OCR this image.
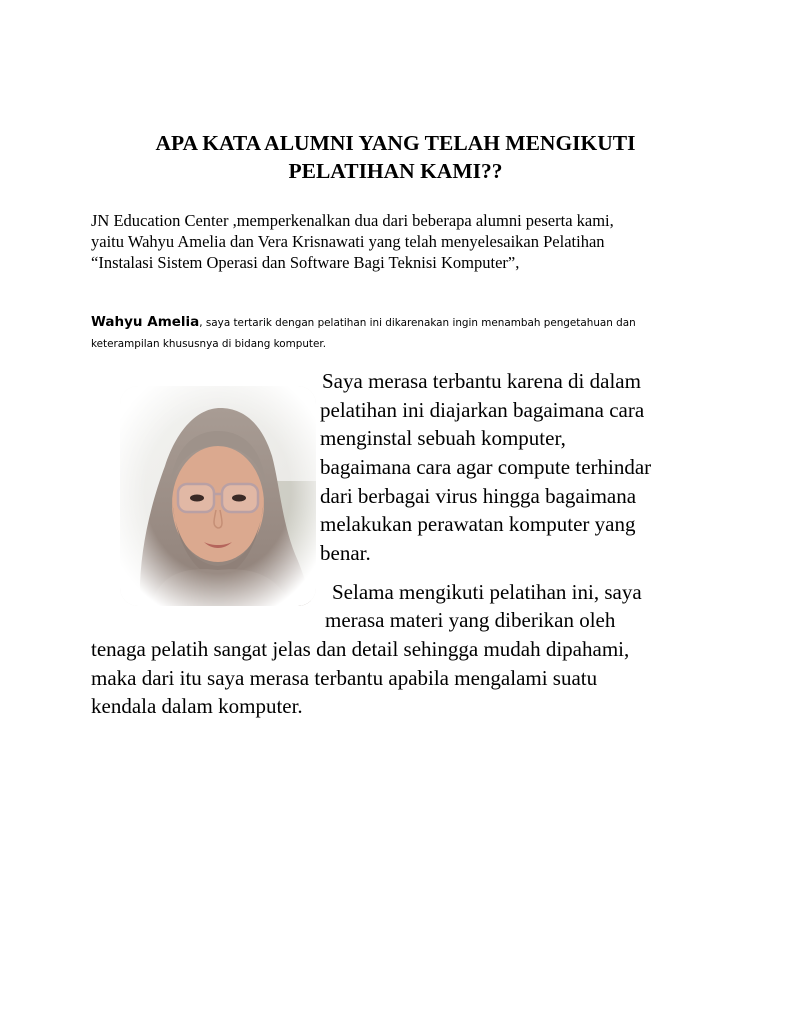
APA KATA ALUMNI YANG TELAH MENGIKUTI
PELATIHAN KAMI??

JN Education Center ,memperkenalkan dua dari beberapa alumni peserta kami,
yaitu Wahyu Amelia dan Vera Krisnawati yang telah menyelesaikan Pelatihan
“Instalasi Sistem Operasi dan Software Bagi Teknisi Komputer”,

Wahyu Amelia, saya tertarik dengan pelatihan ini dikarenakan ingin menambah pengetahuan dan
keterampilan khususnya di bidang komputer.

Saya merasa terbantu karena di dalam

pelatihan ini diajarkan bagaimana cara

menginstal sebuah komputer,

bagaimana cara agar compute terhindar

dari berbagai virus hingga bagaimana

melakukan perawatan komputer yang

benar.

Selama mengikuti pelatihan ini, saya

merasa materi yang diberikan oleh

tenaga pelatih sangat jelas dan detail sehingga mudah dipahami,

maka dari itu saya merasa terbantu apabila mengalami suatu

kendala dalam komputer.
